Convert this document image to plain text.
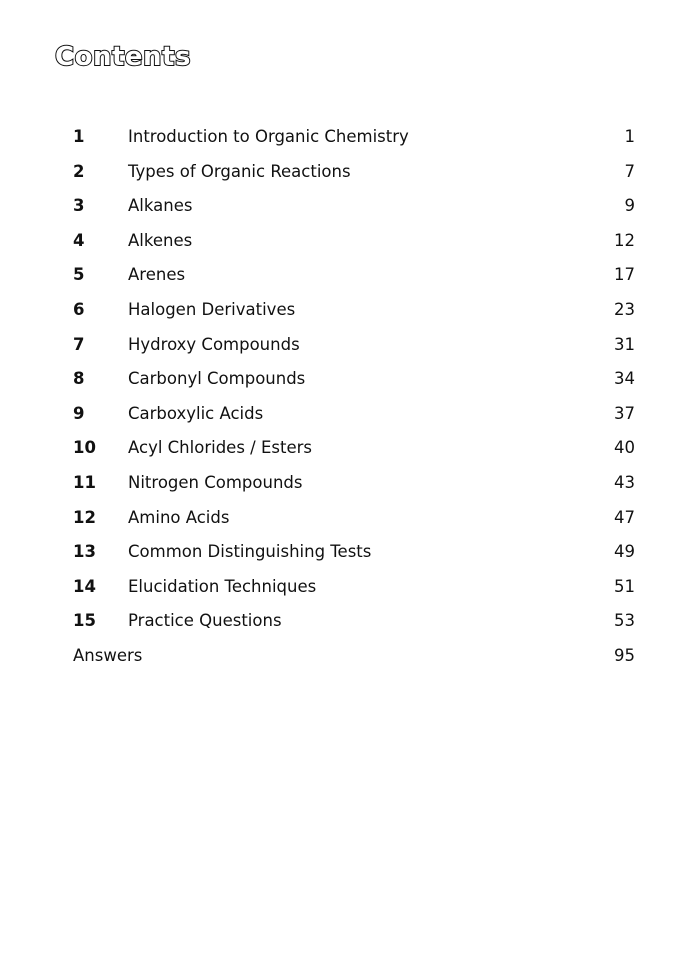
Contents
1	Introduction to Organic Chemistry	1
2	Types of Organic Reactions	7
3	Alkanes	9
4	Alkenes	12
5	Arenes	17
6	Halogen Derivatives	23
7	Hydroxy Compounds	31
8	Carbonyl Compounds	34
9	Carboxylic Acids	37
10	Acyl Chlorides / Esters	40
11	Nitrogen Compounds	43
12	Amino Acids	47
13	Common Distinguishing Tests	49
14	Elucidation Techniques	51
15	Practice Questions	53
Answers	95
